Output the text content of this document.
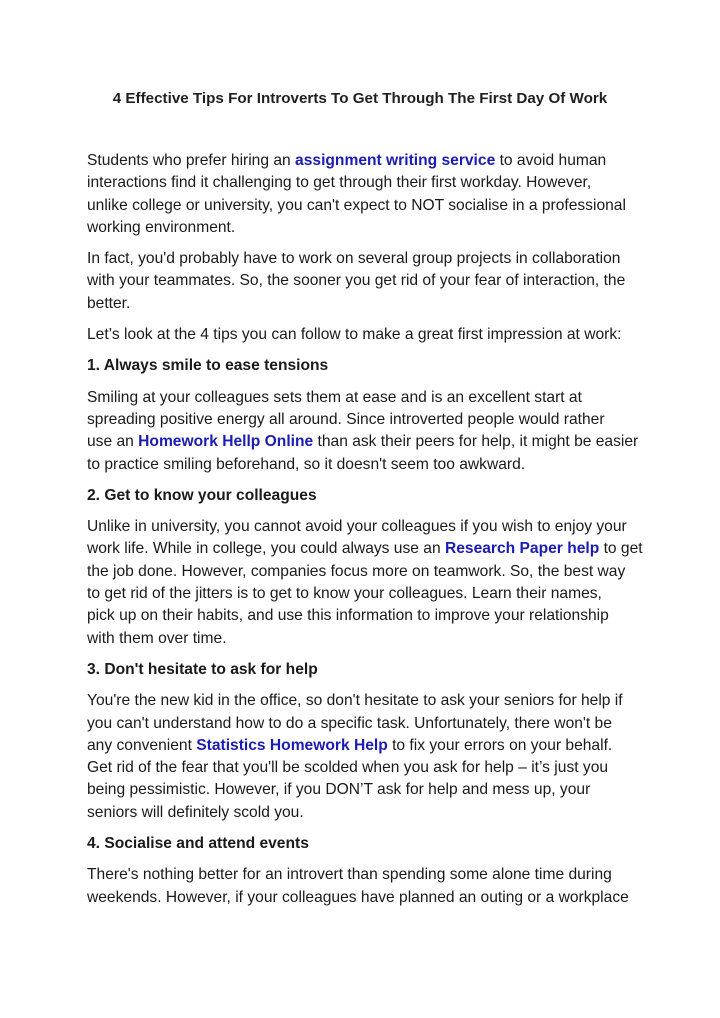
4 Effective Tips For Introverts To Get Through The First Day Of Work

Students who prefer hiring an assignment writing service to avoid human

interactions find it challenging to get through their first workday. However,

unlike college or university, you can't expect to NOT socialise in a professional

working environment.

In fact, you'd probably have to work on several group projects in collaboration

with your teammates. So, the sooner you get rid of your fear of interaction, the

better.

Let’s look at the 4 tips you can follow to make a great first impression at work:

1. Always smile to ease tensions

Smiling at your colleagues sets them at ease and is an excellent start at

spreading positive energy all around. Since introverted people would rather

use an Homework Hellp Online than ask their peers for help, it might be easier

to practice smiling beforehand, so it doesn't seem too awkward.

2. Get to know your colleagues

Unlike in university, you cannot avoid your colleagues if you wish to enjoy your

work life. While in college, you could always use an Research Paper help to get

the job done. However, companies focus more on teamwork. So, the best way

to get rid of the jitters is to get to know your colleagues. Learn their names,

pick up on their habits, and use this information to improve your relationship

with them over time.

3. Don't hesitate to ask for help

You're the new kid in the office, so don't hesitate to ask your seniors for help if

you can't understand how to do a specific task. Unfortunately, there won't be

any convenient Statistics Homework Help to fix your errors on your behalf.

Get rid of the fear that you'll be scolded when you ask for help – it’s just you

being pessimistic. However, if you DON’T ask for help and mess up, your

seniors will definitely scold you.

4. Socialise and attend events

There's nothing better for an introvert than spending some alone time during

weekends. However, if your colleagues have planned an outing or a workplace
